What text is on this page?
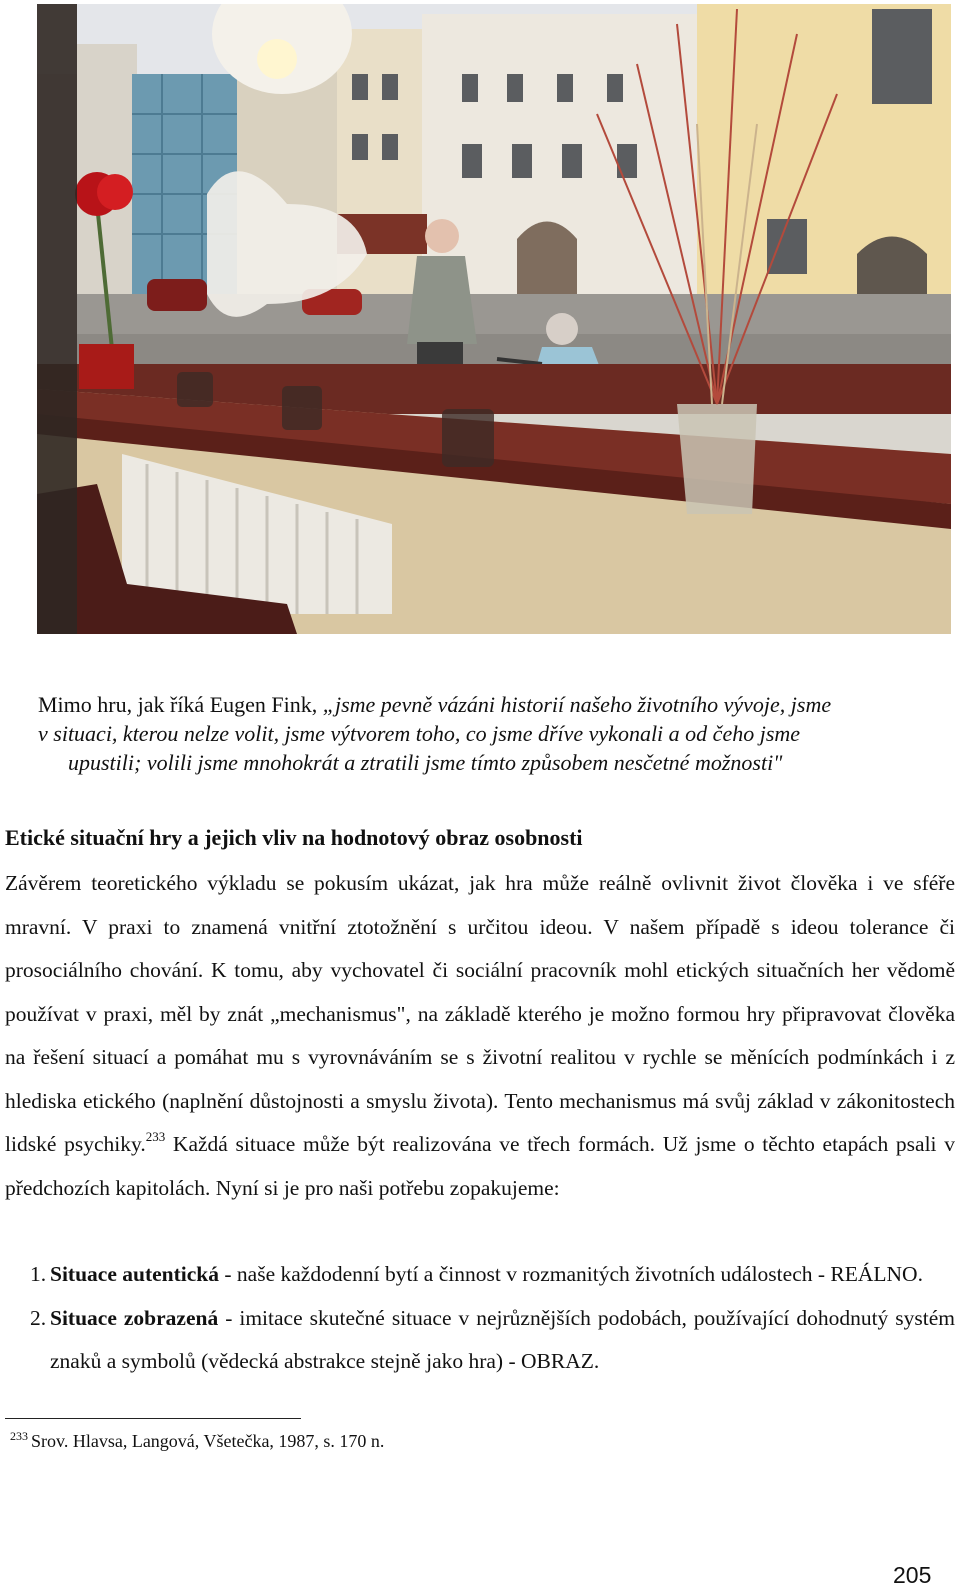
Mimo hru, jak říká Eugen Fink, „jsme pevně vázáni historií našeho životního vývoje, jsme
v situaci, kterou nelze volit, jsme výtvorem toho, co jsme dříve vykonali a od čeho jsme
upustili; volili jsme mnohokrát a ztratili jsme tímto způsobem nesčetné možnosti"
Etické situační hry a jejich vliv na hodnotový obraz osobnosti

Závěrem teoretického výkladu se pokusím ukázat, jak hra může reálně ovlivnit život člověka i ve sféře mravní. V praxi to znamená vnitřní ztotožnění s určitou ideou. V našem případě s ideou tolerance či prosociálního chování. K tomu, aby vychovatel či sociální pracovník mohl etických situačních her vědomě používat v praxi, měl by znát „mechanismus", na základě kterého je možno formou hry připravovat člověka na řešení situací a pomáhat mu s vyrovnáváním se s životní realitou v rychle se měnících podmínkách i z hlediska etického (naplnění důstojnosti a smyslu života). Tento mechanismus má svůj základ v zákonitostech lidské psychiky.$^{233}$ Každá situace může být realizována ve třech formách. Už jsme o těchto etapách psali v předchozích kapitolách. Nyní si je pro naši potřebu zopakujeme:

1. Situace autentická - naše každodenní bytí a činnost v rozmanitých životních událostech - REÁLNO.
2. Situace zobrazená - imitace skutečné situace v nejrůznějších podobách, používající dohodnutý systém znaků a symbolů (vědecká abstrakce stejně jako hra) - OBRAZ.
$^{233}$ Srov. Hlavsa, Langová, Všetečka, 1987, s. 170 n.
205
